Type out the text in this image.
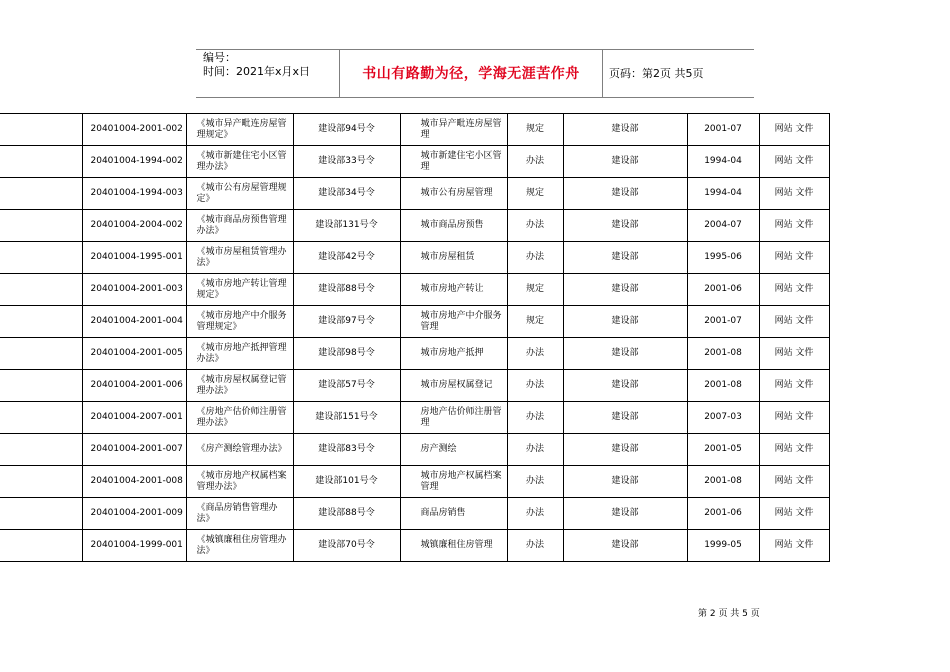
编号：
时间：2021年x月x日	书山有路勤为径，学海无涯苦作舟	页码：第2页 共5页
	20401004-2001-002	《城市异产毗连房屋管理规定》	建设部94号令	城市异产毗连房屋管理	规定	建设部	2001-07	网站 文件
	20401004-1994-002	《城市新建住宅小区管理办法》	建设部33号令	城市新建住宅小区管理	办法	建设部	1994-04	网站 文件
	20401004-1994-003	《城市公有房屋管理规定》	建设部34号令	城市公有房屋管理	规定	建设部	1994-04	网站 文件
	20401004-2004-002	《城市商品房预售管理办法》	建设部131号令	城市商品房预售	办法	建设部	2004-07	网站 文件
	20401004-1995-001	《城市房屋租赁管理办法》	建设部42号令	城市房屋租赁	办法	建设部	1995-06	网站 文件
	20401004-2001-003	《城市房地产转让管理规定》	建设部88号令	城市房地产转让	规定	建设部	2001-06	网站 文件
	20401004-2001-004	《城市房地产中介服务管理规定》	建设部97号令	城市房地产中介服务管理	规定	建设部	2001-07	网站 文件
	20401004-2001-005	《城市房地产抵押管理办法》	建设部98号令	城市房地产抵押	办法	建设部	2001-08	网站 文件
	20401004-2001-006	《城市房屋权属登记管理办法》	建设部57号令	城市房屋权属登记	办法	建设部	2001-08	网站 文件
	20401004-2007-001	《房地产估价师注册管理办法》	建设部151号令	房地产估价师注册管理	办法	建设部	2007-03	网站 文件
	20401004-2001-007	《房产测绘管理办法》	建设部83号令	房产测绘	办法	建设部	2001-05	网站 文件
	20401004-2001-008	《城市房地产权属档案管理办法》	建设部101号令	城市房地产权属档案管理	办法	建设部	2001-08	网站 文件
	20401004-2001-009	《商品房销售管理办法》	建设部88号令	商品房销售	办法	建设部	2001-06	网站 文件
	20401004-1999-001	《城镇廉租住房管理办法》	建设部70号令	城镇廉租住房管理	办法	建设部	1999-05	网站 文件
第 2 页 共 5 页
